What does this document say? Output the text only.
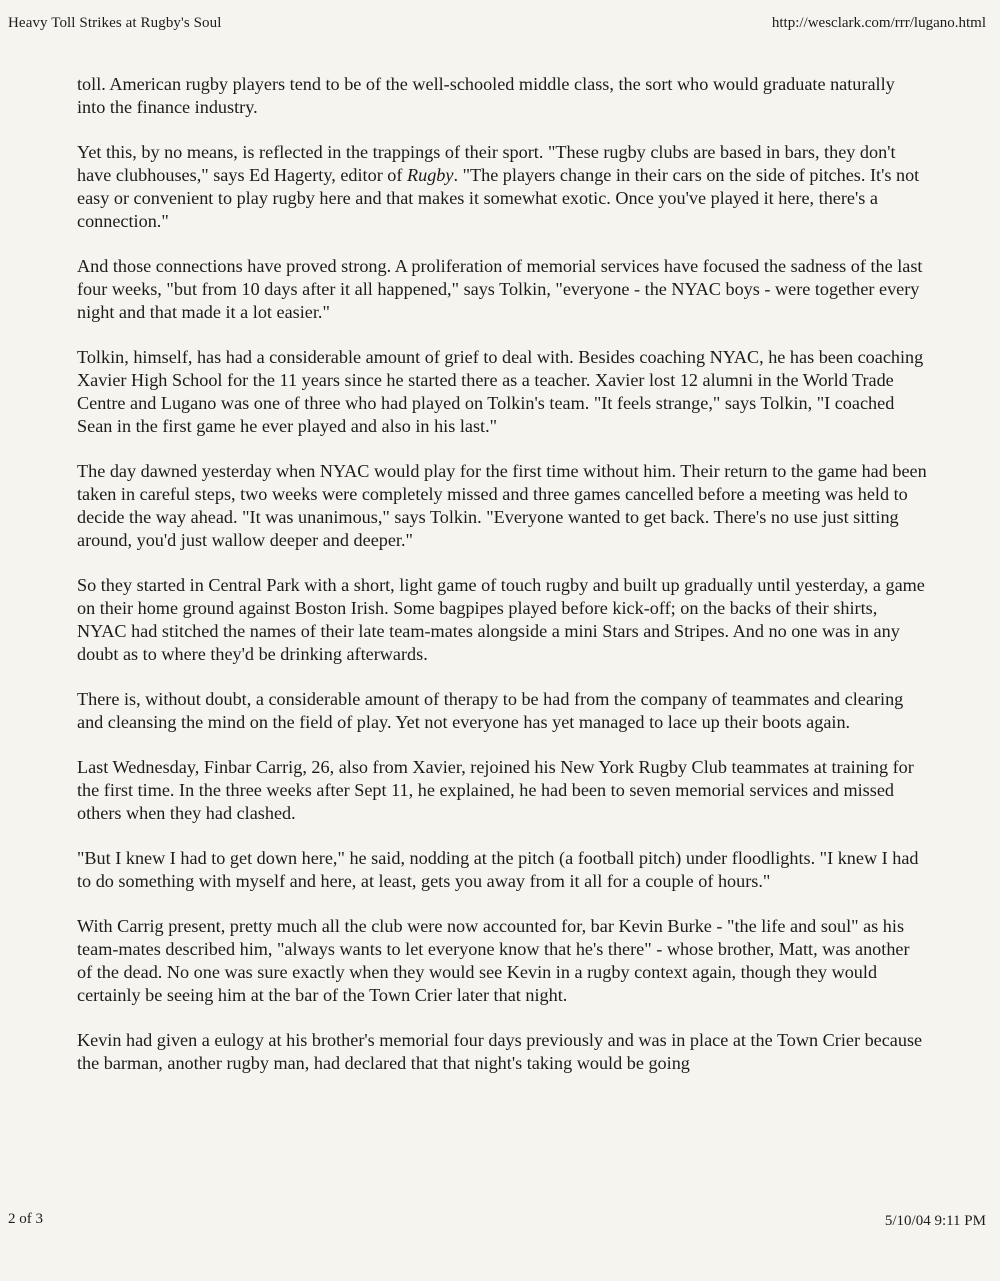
Heavy Toll Strikes at Rugby's Soul	http://wesclark.com/rrr/lugano.html

toll. American rugby players tend to be of the well-schooled middle class, the sort who would graduate naturally into the finance industry.

Yet this, by no means, is reflected in the trappings of their sport. "These rugby clubs are based in bars, they don't have clubhouses," says Ed Hagerty, editor of Rugby. "The players change in their cars on the side of pitches. It's not easy or convenient to play rugby here and that makes it somewhat exotic. Once you've played it here, there's a connection."

And those connections have proved strong. A proliferation of memorial services have focused the sadness of the last four weeks, "but from 10 days after it all happened," says Tolkin, "everyone - the NYAC boys - were together every night and that made it a lot easier."

Tolkin, himself, has had a considerable amount of grief to deal with. Besides coaching NYAC, he has been coaching Xavier High School for the 11 years since he started there as a teacher. Xavier lost 12 alumni in the World Trade Centre and Lugano was one of three who had played on Tolkin's team. "It feels strange," says Tolkin, "I coached Sean in the first game he ever played and also in his last."

The day dawned yesterday when NYAC would play for the first time without him. Their return to the game had been taken in careful steps, two weeks were completely missed and three games cancelled before a meeting was held to decide the way ahead. "It was unanimous," says Tolkin. "Everyone wanted to get back. There's no use just sitting around, you'd just wallow deeper and deeper."

So they started in Central Park with a short, light game of touch rugby and built up gradually until yesterday, a game on their home ground against Boston Irish. Some bagpipes played before kick-off; on the backs of their shirts, NYAC had stitched the names of their late team-mates alongside a mini Stars and Stripes. And no one was in any doubt as to where they'd be drinking afterwards.

There is, without doubt, a considerable amount of therapy to be had from the company of teammates and clearing and cleansing the mind on the field of play. Yet not everyone has yet managed to lace up their boots again.

Last Wednesday, Finbar Carrig, 26, also from Xavier, rejoined his New York Rugby Club teammates at training for the first time. In the three weeks after Sept 11, he explained, he had been to seven memorial services and missed others when they had clashed.

"But I knew I had to get down here," he said, nodding at the pitch (a football pitch) under floodlights. "I knew I had to do something with myself and here, at least, gets you away from it all for a couple of hours."

With Carrig present, pretty much all the club were now accounted for, bar Kevin Burke - "the life and soul" as his team-mates described him, "always wants to let everyone know that he's there" - whose brother, Matt, was another of the dead. No one was sure exactly when they would see Kevin in a rugby context again, though they would certainly be seeing him at the bar of the Town Crier later that night.

Kevin had given a eulogy at his brother's memorial four days previously and was in place at the Town Crier because the barman, another rugby man, had declared that that night's taking would be going

2 of 3	5/10/04 9:11 PM
